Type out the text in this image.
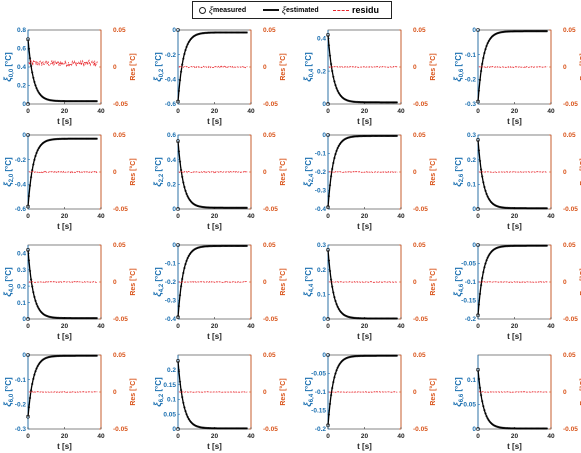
0	20	40
t [s]
0
0.2
0.4
0.6
0.8
-0.05
0
0.05
$\xi_{0,0}$ [°C]	Res [°C]
0	20	40
t [s]
-0.6
-0.4
-0.2
0
-0.05
0
0.05
$\xi_{0,2}$ [°C]	Res [°C]
0	20	40
t [s]
0
0.2
0.4
-0.05
0
0.05
$\xi_{0,4}$ [°C]	Res [°C]
0	20	40
t [s]
-0.3
-0.2
-0.1
0
-0.05
0
0.05
$\xi_{0,6}$ [°C]
0	20	40
t [s]
-0.6
-0.4
-0.2
0
-0.05
0
0.05
$\xi_{2,0}$ [°C]	Res [°C]
0	20	40
t [s]
0
0.2
0.4
0.6
-0.05
0
0.05
$\xi_{2,2}$ [°C]	Res [°C]
0	20	40
t [s]
-0.4
-0.3
-0.2
-0.1
0
-0.05
0
0.05
$\xi_{2,4}$ [°C]	Res [°C]
0	20	40
t [s]
0
0.1
0.2
0.3
-0.05
0
0.05
$\xi_{2,6}$ [°C]
0	20	40
t [s]
0
0.1
0.2
0.3
0.4
-0.05
0
0.05
$\xi_{4,0}$ [°C]	Res [°C]
0	20	40
t [s]
-0.4
-0.3
-0.2
-0.1
0
-0.05
0
0.05
$\xi_{4,2}$ [°C]	Res [°C]
0	20	40
t [s]
0
0.1
0.2
0.3
-0.05
0
0.05
$\xi_{4,4}$ [°C]	Res [°C]
0	20	40
t [s]
-0.2
-0.15
-0.1
-0.05
0
-0.05
0
0.05
$\xi_{4,6}$ [°C]
0	20	40
t [s]
-0.3
-0.2
-0.1
0
-0.05
0
0.05
$\xi_{6,0}$ [°C]	Res [°C]
0	20	40
t [s]
0
0.05
0.1
0.15
0.2
-0.05
0
0.05
$\xi_{6,2}$ [°C]	Res [°C]
0	20	40
t [s]
-0.2
-0.15
-0.1
-0.05
0
-0.05
0
0.05
$\xi_{6,4}$ [°C]	Res [°C]
0	20	40
t [s]
0
0.05
0.1
-0.05
0
0.05
$\xi_{6,6}$ [°C]
ξ measured	ξ estimated	residu
